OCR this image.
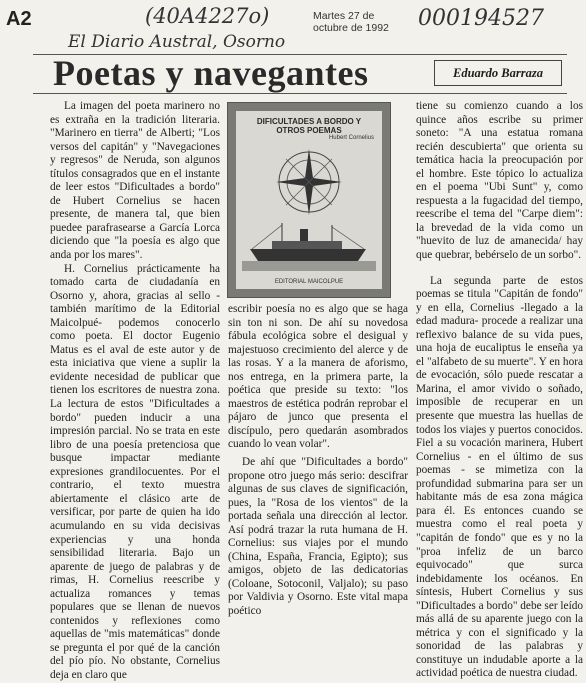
A2	(40A4227o)	Martes 27 de
octubre de 1992 000194527
El Diario Austral, Osorno
Poetas y navegantes	Eduardo Barraza

La imagen del poeta marinero no es extraña en la tradición literaria. "Marinero en tierra" de Alberti; "Los versos del capitán" y "Navegaciones y regresos" de Neruda, son algunos títulos consagrados que en el instante de leer estos "Dificultades a bordo" de Hubert Cornelius se hacen presente, de manera tal, que bien puedee parafrasearse a García Lorca diciendo que "la poesía es algo que anda por los mares".

H. Cornelius prácticamente ha tomado carta de ciudadanía en Osorno y, ahora, gracias al sello -también marítimo de la Editorial Maicolpué- podemos conocerlo como poeta. El doctor Eugenio Matus es el aval de este autor y de esta iniciativa que viene a suplir la evidente necesidad de publicar que tienen los escritores de nuestra zona. La lectura de estos "Dificultades a bordo" pueden inducir a una impresión parcial. No se trata en este libro de una poesía pretenciosa que busque impactar mediante expresiones grandilocuentes. Por el contrario, el texto muestra abiertamente el clásico arte de versificar, por parte de quien ha ido acumulando en su vida decisivas experiencias y una honda sensibilidad literaria. Bajo un aparente de juego de palabras y de rimas, H. Cornelius reescribe y actualiza romances y temas populares que se llenan de nuevos contenidos y reflexiones como aquellas de "mis matemáticas" donde se pregunta el por qué de la canción del pío pío. No obstante, Cornelius deja en claro que

DIFICULTADES A BORDO Y OTROS POEMAS
Hubert Cornelius
EDITORIAL MAICOLPUE

escribir poesía no es algo que se haga sin ton ni son. De ahí su novedosa fábula ecológica sobre el desigual y majestuoso crecimiento del alerce y de las rosas. Y a la manera de aforismo, nos entrega, en la primera parte, la poética que preside su texto: "los maestros de estética podrán reprobar el pájaro de junco que presenta el discípulo, pero quedarán asombrados cuando lo vean volar".

De ahí que "Dificultades a bordo" propone otro juego más serio: descifrar algunas de sus claves de significación, pues, la "Rosa de los vientos" de la portada señala una dirección al lector. Así podrá trazar la ruta humana de H. Cornelius: sus viajes por el mundo (China, España, Francia, Egipto); sus amigos, objeto de las dedicatorias (Coloane, Sotoconil, Valjalo); su paso por Valdivia y Osorno. Este vital mapa poético

tiene su comienzo cuando a los quince años escribe su primer soneto: "A una estatua romana recién descubierta" que orienta su temática hacia la preocupación por el hombre. Este tópico lo actualiza en el poema "Ubi Sunt" y, como respuesta a la fugacidad del tiempo, reescribe el tema del "Carpe diem": la brevedad de la vida como un "huevito de luz de amanecida/ hay que quebrar, bebérselo de un sorbo".

La segunda parte de estos poemas se titula "Capitán de fondo" y en ella, Cornelius -llegado a la edad madura- procede a realizar una reflexivo balance de su vida pues, una hoja de eucaliptus le enseña ya el "alfabeto de su muerte". Y en hora de evocación, sólo puede rescatar a Marina, el amor vivido o soñado, imposible de recuperar en un presente que muestra las huellas de todos los viajes y puertos conocidos. Fiel a su vocación marinera, Hubert Cornelius - en el último de sus poemas - se mimetiza con la profundidad submarina para ser un habitante más de esa zona mágica para él. Es entonces cuando se muestra como el real poeta y "capitán de fondo" que es y no la "proa infeliz de un barco equivocado" que surca indebidamente los océanos. En síntesis, Hubert Cornelius y sus "Dificultades a bordo" debe ser leído más allá de su aparente juego con la métrica y con el significado y la sonoridad de las palabras y constituye un indudable aporte a la actividad poética de nuestra ciudad.
